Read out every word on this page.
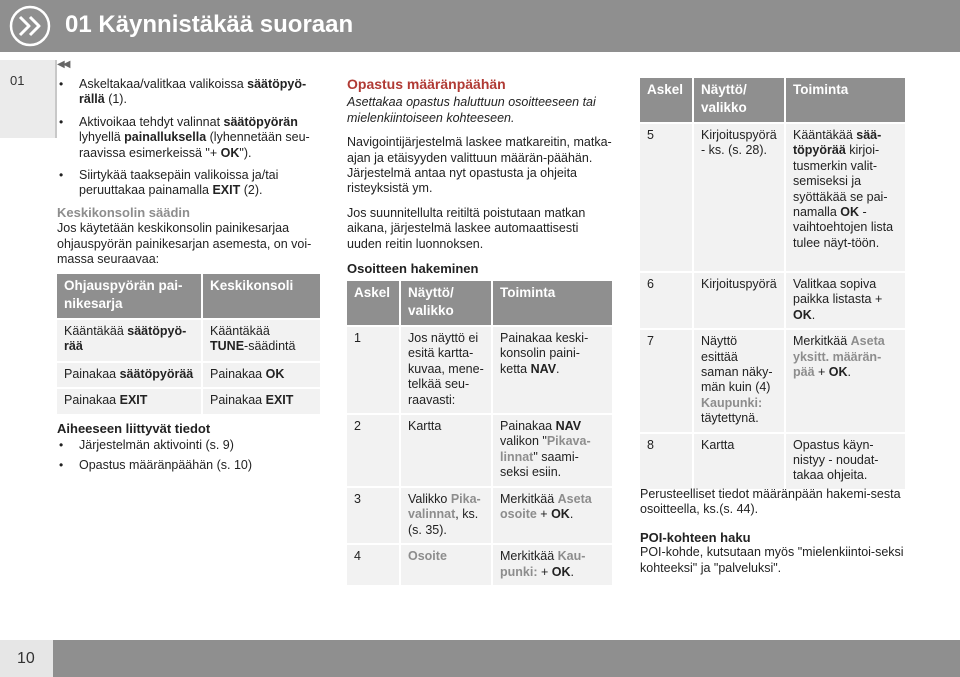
01 Käynnistäkää suoraan
01
◀◀
• Askeltakaa/valitkaa valikoissa säätöpyö-rällä (1).
• Aktivoikaa tehdyt valinnat säätöpyörän lyhyellä painalluksella (lyhennetään seu-raavissa esimerkeissä "+ OK").
• Siirtykää taaksepäin valikoissa ja/tai peruuttakaa painamalla EXIT (2).
Keskikonsolin säädin

Jos käytetään keskikonsolin painikesarjaa ohjauspyörän painikesarjan asemesta, on voi-massa seuraavaa:

Ohjauspyörän pai-nikesarja	Keskikonsoli
Kääntäkää säätöpyö-rää	Kääntäkää
TUNE-säädintä
Painakaa säätöpyörää	Painakaa OK
Painakaa EXIT	Painakaa EXIT
Aiheeseen liittyvät tiedot
• Järjestelmän aktivointi (s. 9)
• Opastus määränpäähän (s. 10)
Opastus määränpäähän

Asettakaa opastus haluttuun osoitteeseen tai mielenkiintoiseen kohteeseen.

Navigointijärjestelmä laskee matkareitin, matka-ajan ja etäisyyden valittuun määrän-päähän. Järjestelmä antaa nyt opastusta ja ohjeita risteyksistä ym.

Jos suunnitellulta reitiltä poistutaan matkan aikana, järjestelmä laskee automaattisesti uuden reitin luonnoksen.

Osoitteen hakeminen
Askel	Näyttö/ valikko	Toiminta
1	Jos näyttö ei esitä kartta-kuvaa, mene-telkää seu-raavasti:	Painakaa keski-konsolin paini-ketta NAV.
2	Kartta	Painakaa NAV valikon "Pikava-linnat" saami-seksi esiin.
3	Valikko Pika-valinnat, ks. (s. 35).	Merkitkää Aseta osoite + OK.
4	Osoite	Merkitkää Kau-punki: + OK.
Askel	Näyttö/ valikko	Toiminta
5	Kirjoituspyörä - ks. (s. 28).	Kääntäkää sää-töpyörää kirjoi-tusmerkin valit-semiseksi ja syöttäkää se pai-namalla OK -vaihtoehtojen lista tulee näyt-töön.
6	Kirjoituspyörä	Valitkaa sopiva paikka listasta + OK.
7	Näyttö esittää saman näky-män kuin (4) Kaupunki: täytettynä.	Merkitkää Aseta yksitt. määrän-pää + OK.
8	Kartta	Opastus käyn-nistyy - noudat-takaa ohjeita.

Perusteelliset tiedot määränpään hakemi-sesta osoitteella, ks.(s. 44).

POI-kohteen haku

POI-kohde, kutsutaan myös "mielenkiintoi-seksi kohteeksi" ja "palveluksi".

10
